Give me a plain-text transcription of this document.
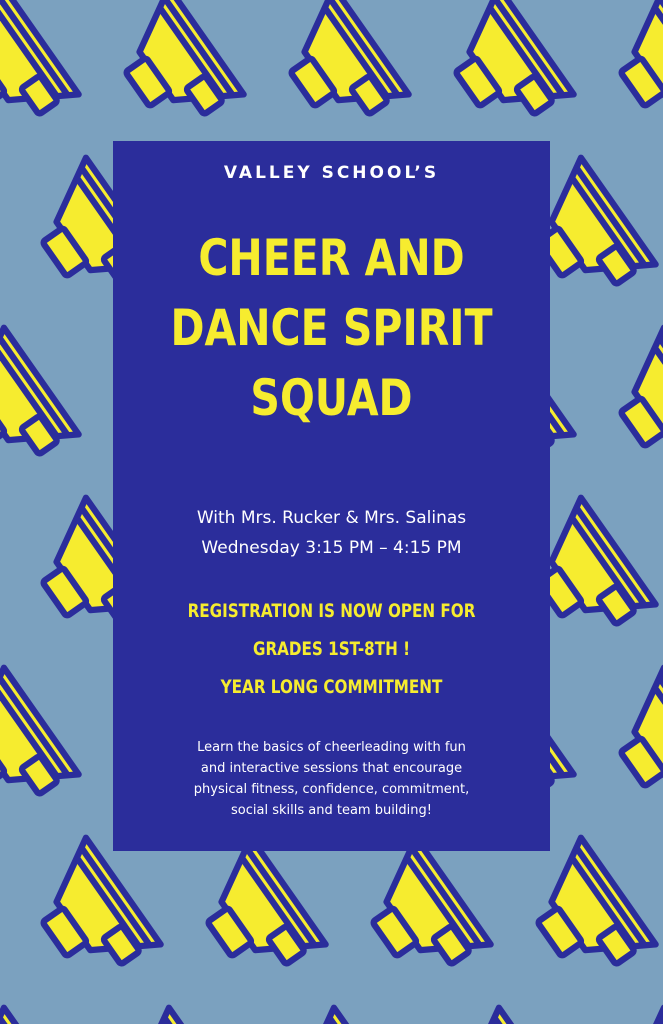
VALLEY SCHOOL’S
CHEER AND
DANCE SPIRIT
SQUAD
With Mrs. Rucker & Mrs. Salinas
Wednesday 3:15 PM – 4:15 PM
REGISTRATION IS NOW OPEN FOR
GRADES 1ST-8TH !
YEAR LONG COMMITMENT
Learn the basics of cheerleading with fun
and interactive sessions that encourage
physical fitness, confidence, commitment,
social skills and team building!
